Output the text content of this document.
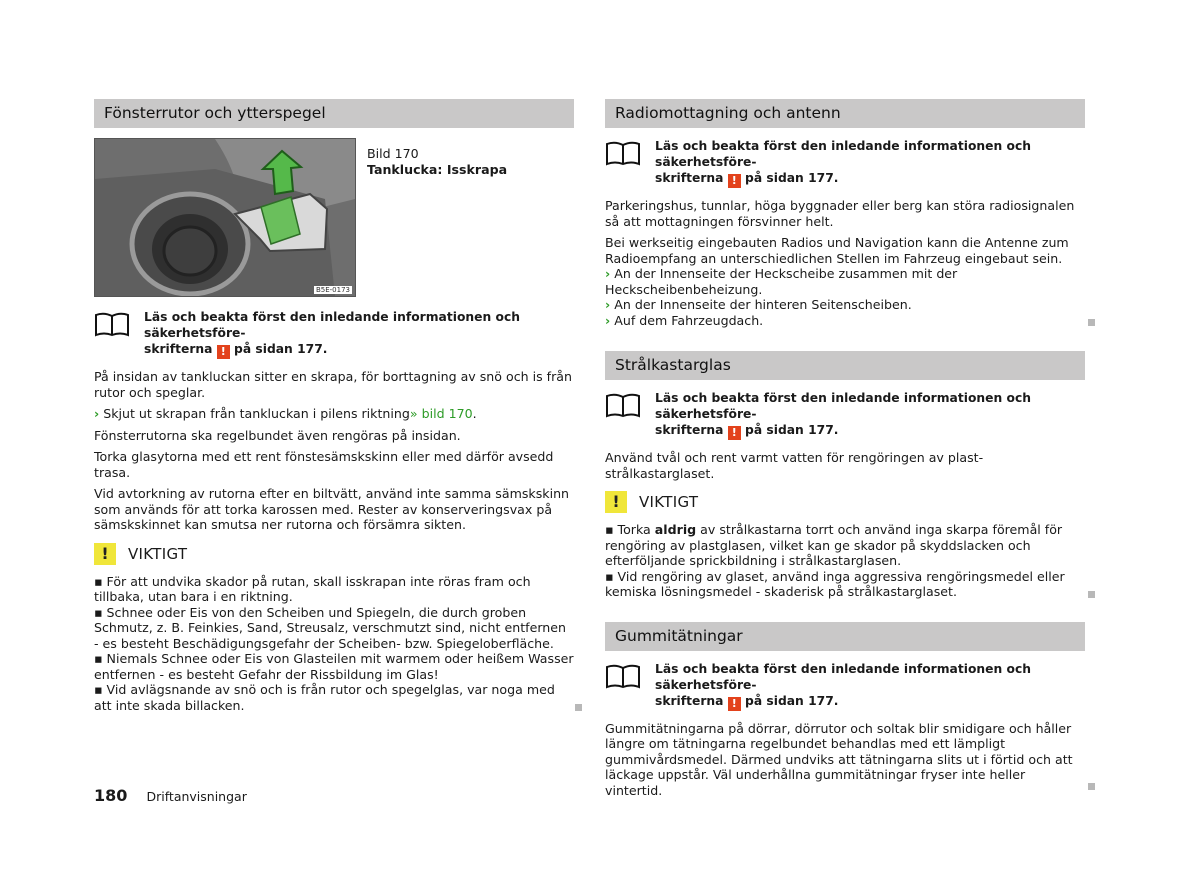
Fönsterrutor och ytterspegel
B5E-0173
Bild 170
Tanklucka: Isskrapa
Läs och beakta först den inledande informationen och säkerhetsföre-
skrifterna ! på sidan 177.

På insidan av tankluckan sitter en skrapa, för borttagning av snö och is från rutor och speglar.

› Skjut ut skrapan från tankluckan i pilens riktning» bild 170.

Fönsterrutorna ska regelbundet även rengöras på insidan.

Torka glasytorna med ett rent fönstesämskskinn eller med därför avsedd trasa.

Vid avtorkning av rutorna efter en biltvätt, använd inte samma sämskskinn som används för att torka karossen med. Rester av konserveringsvax på sämskskinnet kan smutsa ner rutorna och försämra sikten.

!	VIKTIGT

▪ För att undvika skador på rutan, skall isskrapan inte röras fram och tillbaka, utan bara i en riktning.

▪ Schnee oder Eis von den Scheiben und Spiegeln, die durch groben Schmutz, z. B. Feinkies, Sand, Streusalz, verschmutzt sind, nicht entfernen - es besteht Beschädigungsgefahr der Scheiben- bzw. Spiegeloberfläche.

▪ Niemals Schnee oder Eis von Glasteilen mit warmem oder heißem Wasser entfernen - es besteht Gefahr der Rissbildung im Glas!

▪ Vid avlägsnande av snö och is från rutor och spegelglas, var noga med att inte skada billacken.

Radiomottagning och antenn
Läs och beakta först den inledande informationen och säkerhetsföre-
skrifterna ! på sidan 177.

Parkeringshus, tunnlar, höga byggnader eller berg kan störa radiosignalen så att mottagningen försvinner helt.

Bei werkseitig eingebauten Radios und Navigation kann die Antenne zum Radioempfang an unterschiedlichen Stellen im Fahrzeug eingebaut sein.

› An der Innenseite der Heckscheibe zusammen mit der Heckscheibenbeheizung.

› An der Innenseite der hinteren Seitenscheiben.

› Auf dem Fahrzeugdach.

Strålkastarglas
Läs och beakta först den inledande informationen och säkerhetsföre-
skrifterna ! på sidan 177.

Använd tvål och rent varmt vatten för rengöringen av plast-strålkastarglaset.

!	VIKTIGT

▪ Torka aldrig av strålkastarna torrt och använd inga skarpa föremål för rengöring av plastglasen, vilket kan ge skador på skyddslacken och efterföljande sprickbildning i strålkastarglasen.

▪ Vid rengöring av glaset, använd inga aggressiva rengöringsmedel eller kemiska lösningsmedel - skaderisk på strålkastarglaset.

Gummitätningar
Läs och beakta först den inledande informationen och säkerhetsföre-
skrifterna ! på sidan 177.

Gummitätningarna på dörrar, dörrutor och soltak blir smidigare och håller längre om tätningarna regelbundet behandlas med ett lämpligt gummivårdsmedel. Därmed undviks att tätningarna slits ut i förtid och att läckage uppstår. Väl underhållna gummitätningar fryser inte heller vintertid.

180 Driftanvisningar
